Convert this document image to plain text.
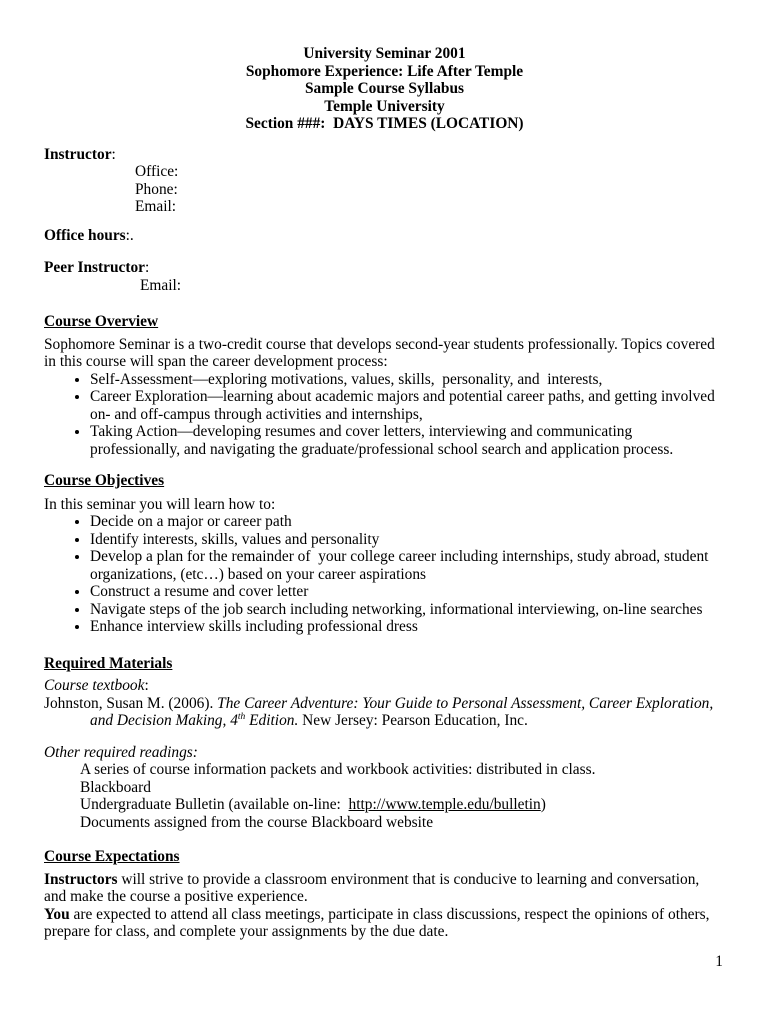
University Seminar 2001
Sophomore Experience: Life After Temple
Sample Course Syllabus
Temple University
Section ###:  DAYS TIMES (LOCATION)
Instructor:
Office:
Phone:
Email:
Office hours:.
Peer Instructor:
Email:
Course Overview
Sophomore Seminar is a two-credit course that develops second-year students professionally. Topics covered in this course will span the career development process:
• Self-Assessment—exploring motivations, values, skills,  personality, and  interests,
• Career Exploration—learning about academic majors and potential career paths, and getting involved on- and off-campus through activities and internships,
• Taking Action—developing resumes and cover letters, interviewing and communicating professionally, and navigating the graduate/professional school search and application process.
Course Objectives
In this seminar you will learn how to:
• Decide on a major or career path
• Identify interests, skills, values and personality
• Develop a plan for the remainder of  your college career including internships, study abroad, student organizations, (etc…) based on your career aspirations
• Construct a resume and cover letter
• Navigate steps of the job search including networking, informational interviewing, on-line searches
• Enhance interview skills including professional dress
Required Materials
Course textbook:
Johnston, Susan M. (2006). The Career Adventure: Your Guide to Personal Assessment, Career Exploration, and Decision Making, 4th Edition. New Jersey: Pearson Education, Inc.
Other required readings:
A series of course information packets and workbook activities: distributed in class.
Blackboard
Undergraduate Bulletin (available on-line:  http://www.temple.edu/bulletin)
Documents assigned from the course Blackboard website
Course Expectations
Instructors will strive to provide a classroom environment that is conducive to learning and conversation, and make the course a positive experience.
You are expected to attend all class meetings, participate in class discussions, respect the opinions of others, prepare for class, and complete your assignments by the due date.
1
